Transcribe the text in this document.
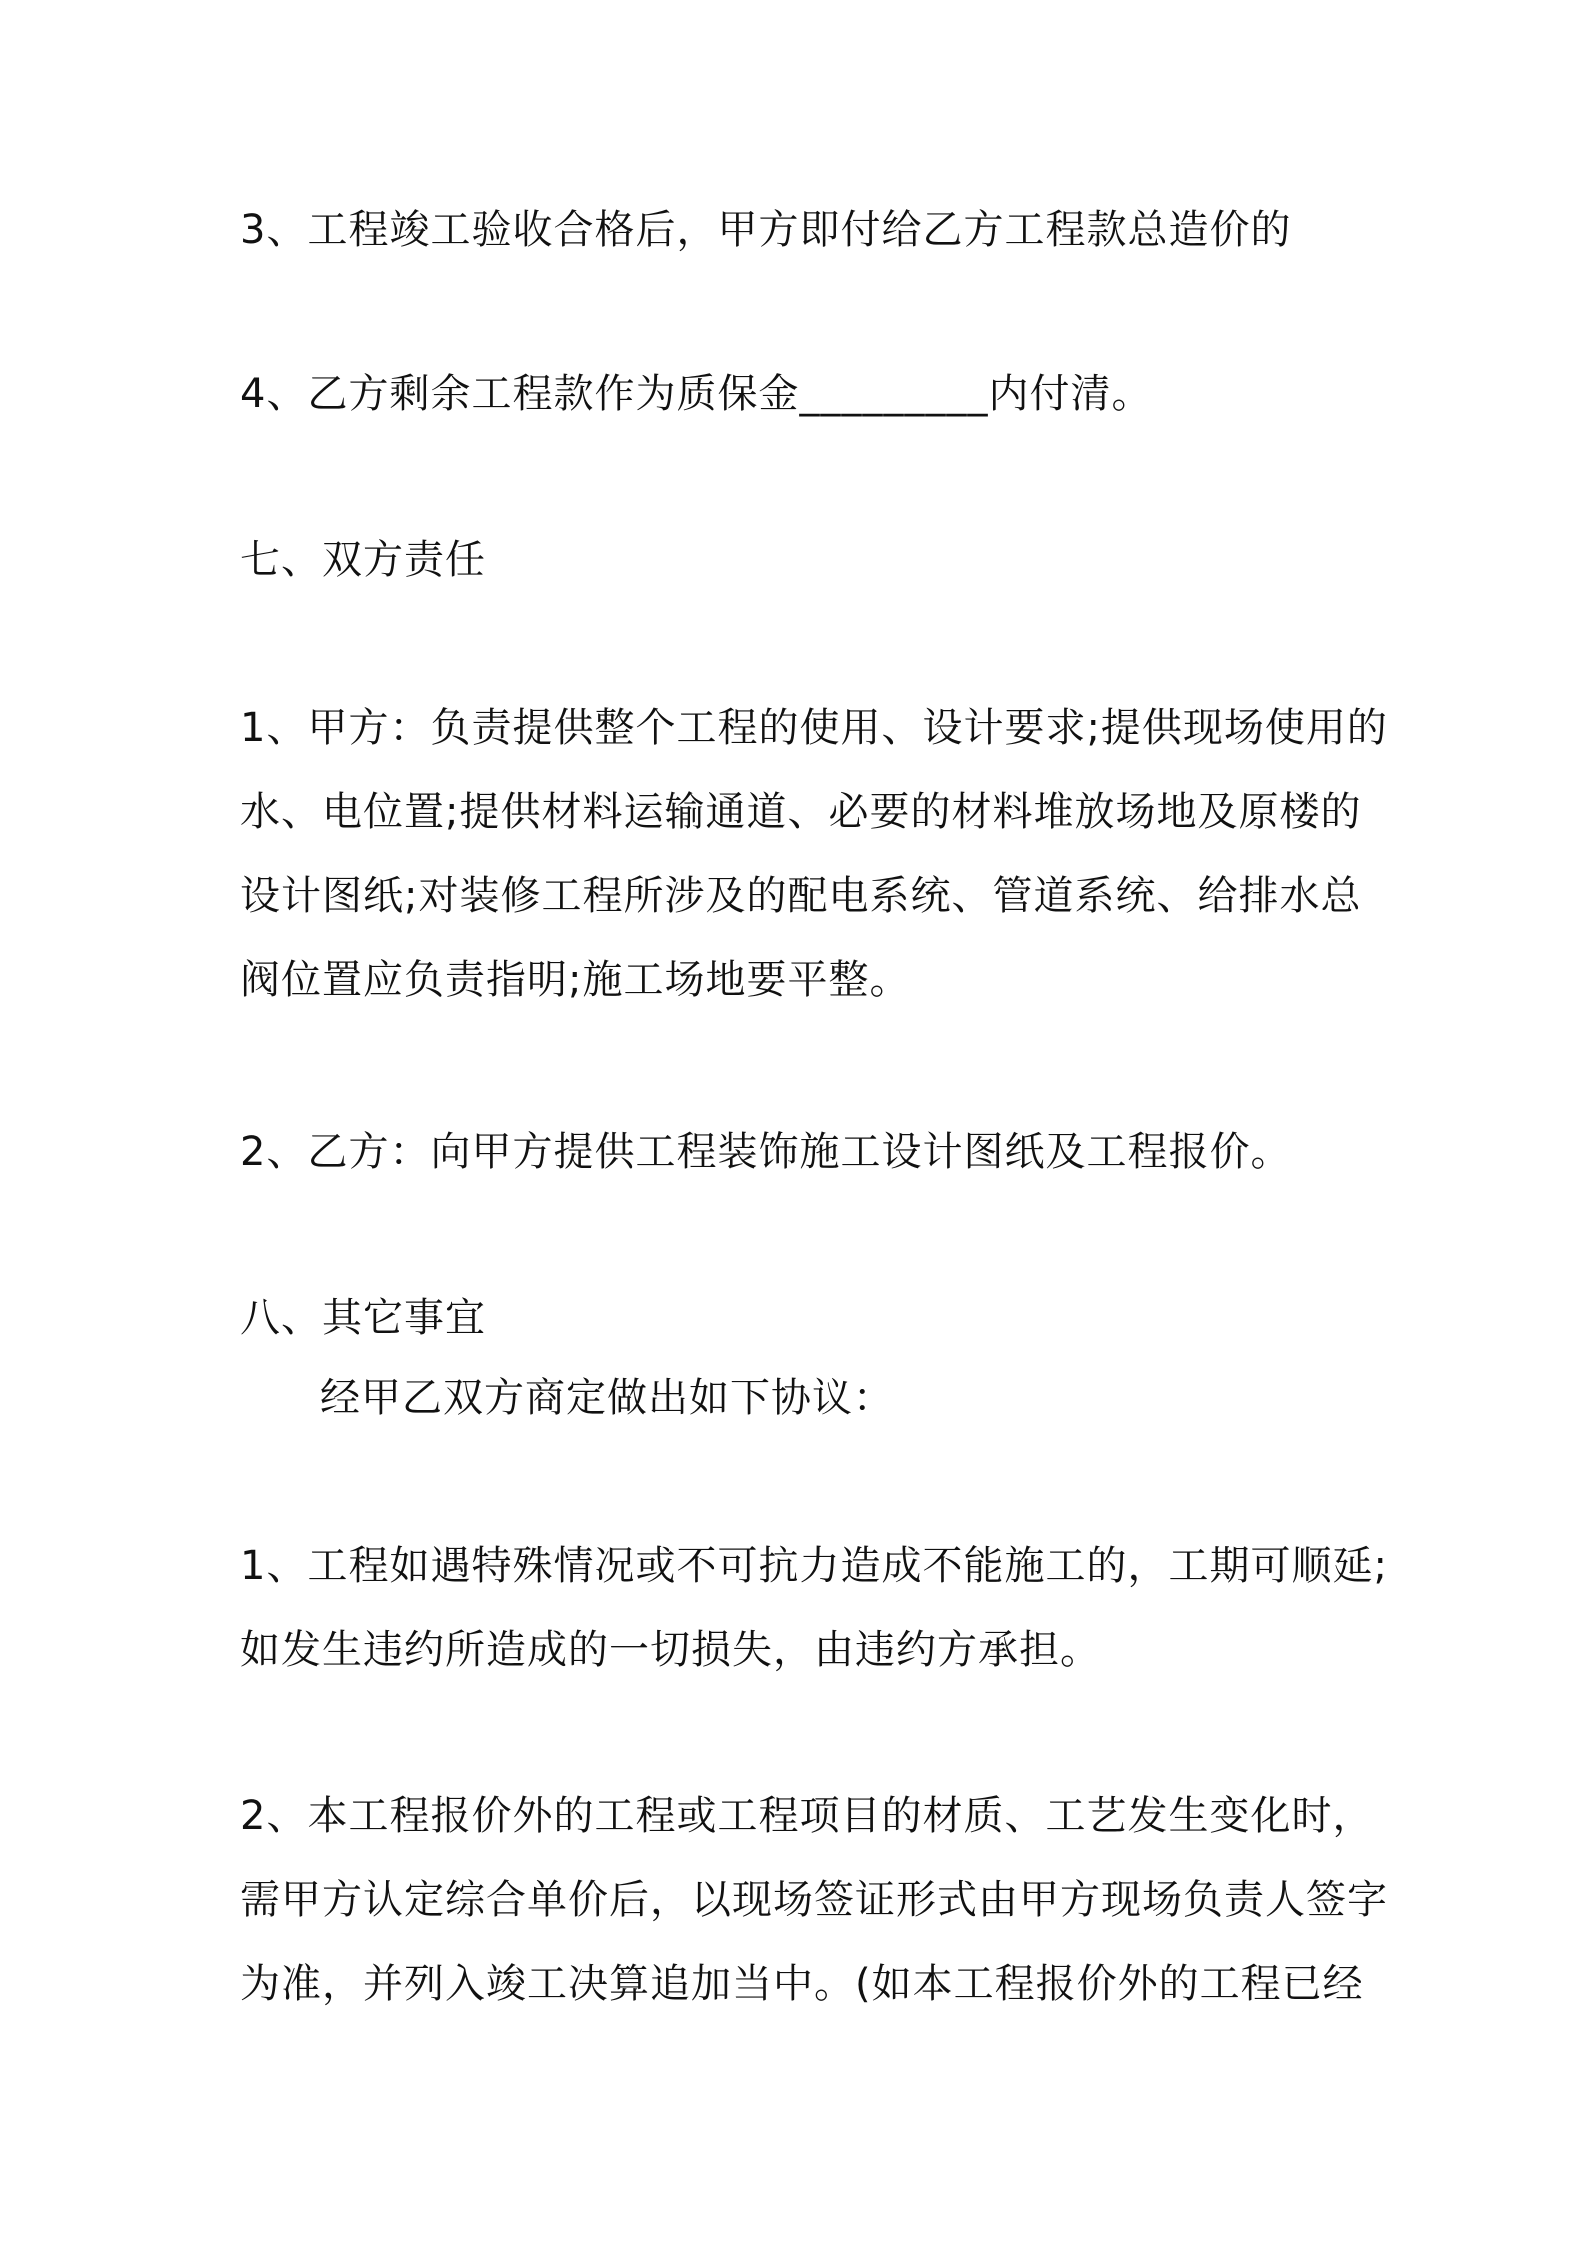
3、工程竣工验收合格后，甲方即付给乙方工程款总造价的

4、乙方剩余工程款作为质保金_________内付清。

七、双方责任

1、甲方：负责提供整个工程的使用、设计要求;提供现场使用的
水、电位置;提供材料运输通道、必要的材料堆放场地及原楼的
设计图纸;对装修工程所涉及的配电系统、管道系统、给排水总
阀位置应负责指明;施工场地要平整。

2、乙方：向甲方提供工程装饰施工设计图纸及工程报价。

八、其它事宜

经甲乙双方商定做出如下协议：

1、工程如遇特殊情况或不可抗力造成不能施工的，工期可顺延;
如发生违约所造成的一切损失，由违约方承担。

2、本工程报价外的工程或工程项目的材质、工艺发生变化时，
需甲方认定综合单价后，以现场签证形式由甲方现场负责人签字
为准，并列入竣工决算追加当中。(如本工程报价外的工程已经
